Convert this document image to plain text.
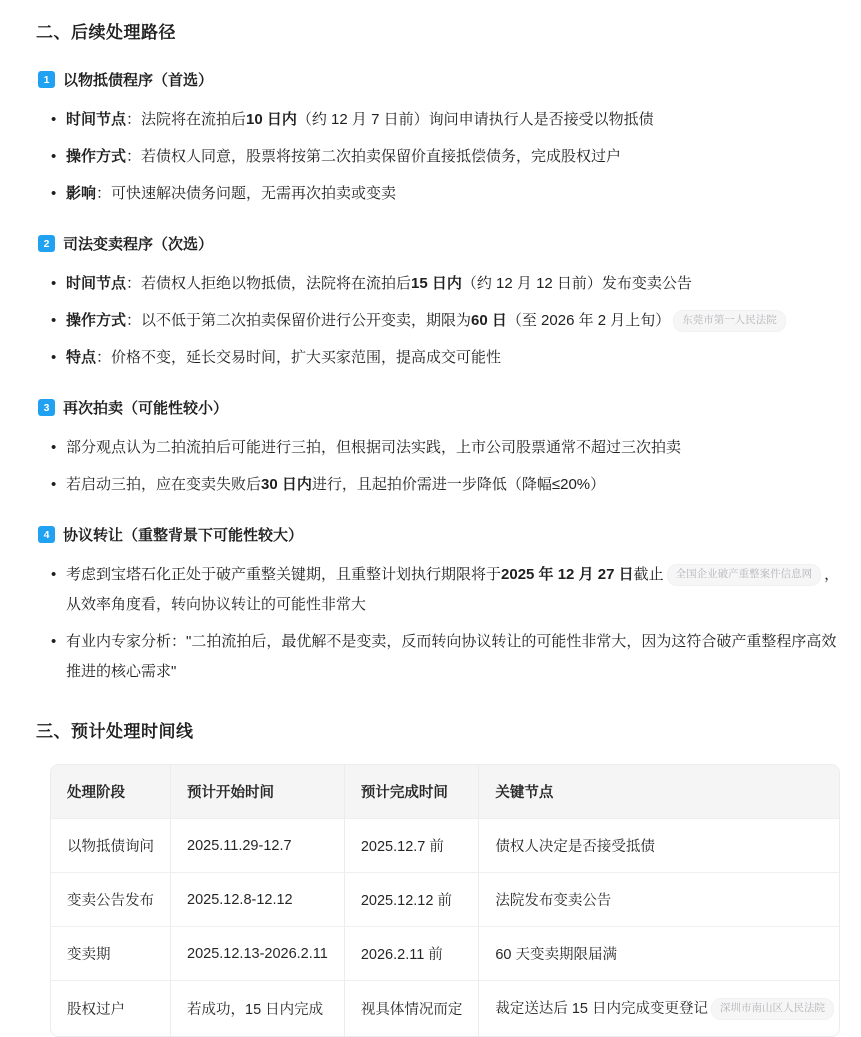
二、后续处理路径
1 以物抵债程序（首选）
• 时间节点：法院将在流拍后10 日内（约 12 月 7 日前）询问申请执行人是否接受以物抵债
• 操作方式：若债权人同意，股票将按第二次拍卖保留价直接抵偿债务，完成股权过户
• 影响：可快速解决债务问题，无需再次拍卖或变卖
2 司法变卖程序（次选）
• 时间节点：若债权人拒绝以物抵债，法院将在流拍后15 日内（约 12 月 12 日前）发布变卖公告
• 操作方式：以不低于第二次拍卖保留价进行公开变卖，期限为60 日（至 2026 年 2 月上旬） 东莞市第一人民法院
• 特点：价格不变，延长交易时间，扩大买家范围，提高成交可能性
3 再次拍卖（可能性较小）
• 部分观点认为二拍流拍后可能进行三拍，但根据司法实践，上市公司股票通常不超过三次拍卖
• 若启动三拍，应在变卖失败后30 日内进行，且起拍价需进一步降低（降幅≤20%）
4 协议转让（重整背景下可能性较大）
• 考虑到宝塔石化正处于破产重整关键期，且重整计划执行期限将于2025 年 12 月 27 日截止 全国企业破产重整案件信息网 ，从效率角度看，转向协议转让的可能性非常大
• 有业内专家分析："二拍流拍后，最优解不是变卖，反而转向协议转让的可能性非常大，因为这符合破产重整程序高效推进的核心需求"
三、预计处理时间线
处理阶段	预计开始时间	预计完成时间	关键节点
以物抵债询问	2025.11.29-12.7	2025.12.7 前	债权人决定是否接受抵债
变卖公告发布	2025.12.8-12.12	2025.12.12 前	法院发布变卖公告
变卖期	2025.12.13-2026.2.11	2026.2.11 前	60 天变卖期限届满
股权过户	若成功，15 日内完成	视具体情况而定	裁定送达后 15 日内完成变更登记 深圳市南山区人民法院
